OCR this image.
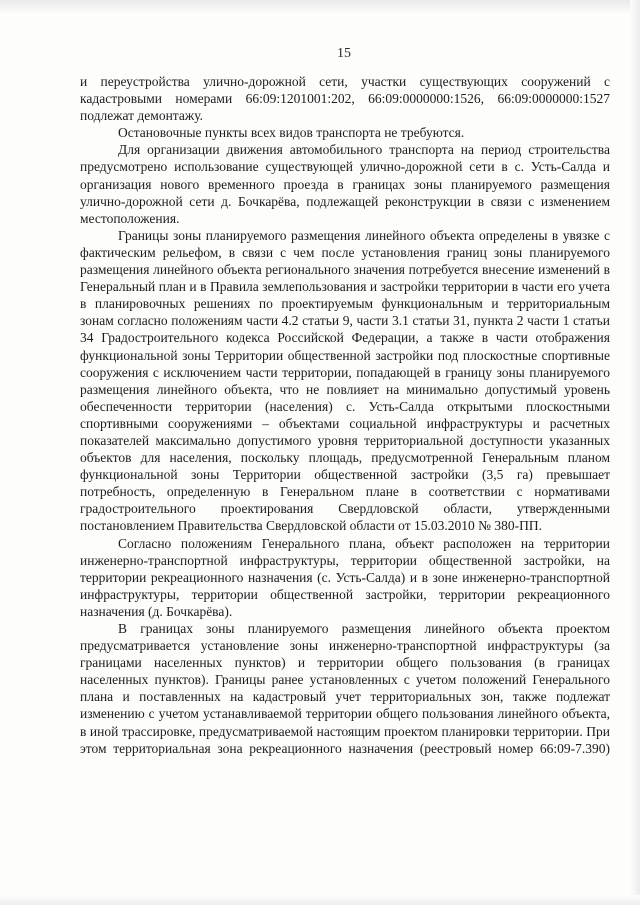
15

и переустройства улично-дорожной сети, участки существующих сооружений с кадастровыми номерами 66:09:1201001:202, 66:09:0000000:1526, 66:09:0000000:1527 подлежат демонтажу.

Остановочные пункты всех видов транспорта не требуются.

Для организации движения автомобильного транспорта на период строительства предусмотрено использование существующей улично-дорожной сети в с. Усть-Салда и организация нового временного проезда в границах зоны планируемого размещения улично-дорожной сети д. Бочкарёва, подлежащей реконструкции в связи с изменением местоположения.

Границы зоны планируемого размещения линейного объекта определены в увязке с фактическим рельефом, в связи с чем после установления границ зоны планируемого размещения линейного объекта регионального значения потребуется внесение изменений в Генеральный план и в Правила землепользования и застройки территории в части его учета в планировочных решениях по проектируемым функциональным и территориальным зонам согласно положениям части 4.2 статьи 9, части 3.1 статьи 31, пункта 2 части 1 статьи 34 Градостроительного кодекса Российской Федерации, а также в части отображения функциональной зоны Территории общественной застройки под плоскостные спортивные сооружения с исключением части территории, попадающей в границу зоны планируемого размещения линейного объекта, что не повлияет на минимально допустимый уровень обеспеченности территории (населения) с. Усть-Салда открытыми плоскостными спортивными сооружениями – объектами социальной инфраструктуры и расчетных показателей максимально допустимого уровня территориальной доступности указанных объектов для населения, поскольку площадь, предусмотренной Генеральным планом функциональной зоны Территории общественной застройки (3,5 га) превышает потребность, определенную в Генеральном плане в соответствии с нормативами градостроительного проектирования Свердловской области, утвержденными постановлением Правительства Свердловской области от 15.03.2010 № 380-ПП.

Согласно положениям Генерального плана, объект расположен на территории инженерно-транспортной инфраструктуры, территории общественной застройки, на территории рекреационного назначения (с. Усть-Салда) и в зоне инженерно-транспортной инфраструктуры, территории общественной застройки, территории рекреационного назначения (д. Бочкарёва).

В границах зоны планируемого размещения линейного объекта проектом предусматривается установление зоны инженерно-транспортной инфраструктуры (за границами населенных пунктов) и территории общего пользования (в границах населенных пунктов). Границы ранее установленных с учетом положений Генерального плана и поставленных на кадастровый учет территориальных зон, также подлежат изменению с учетом устанавливаемой территории общего пользования линейного объекта, в иной трассировке, предусматриваемой настоящим проектом планировки территории. При этом территориальная зона рекреационного назначения (реестровый номер 66:09-7.390)
